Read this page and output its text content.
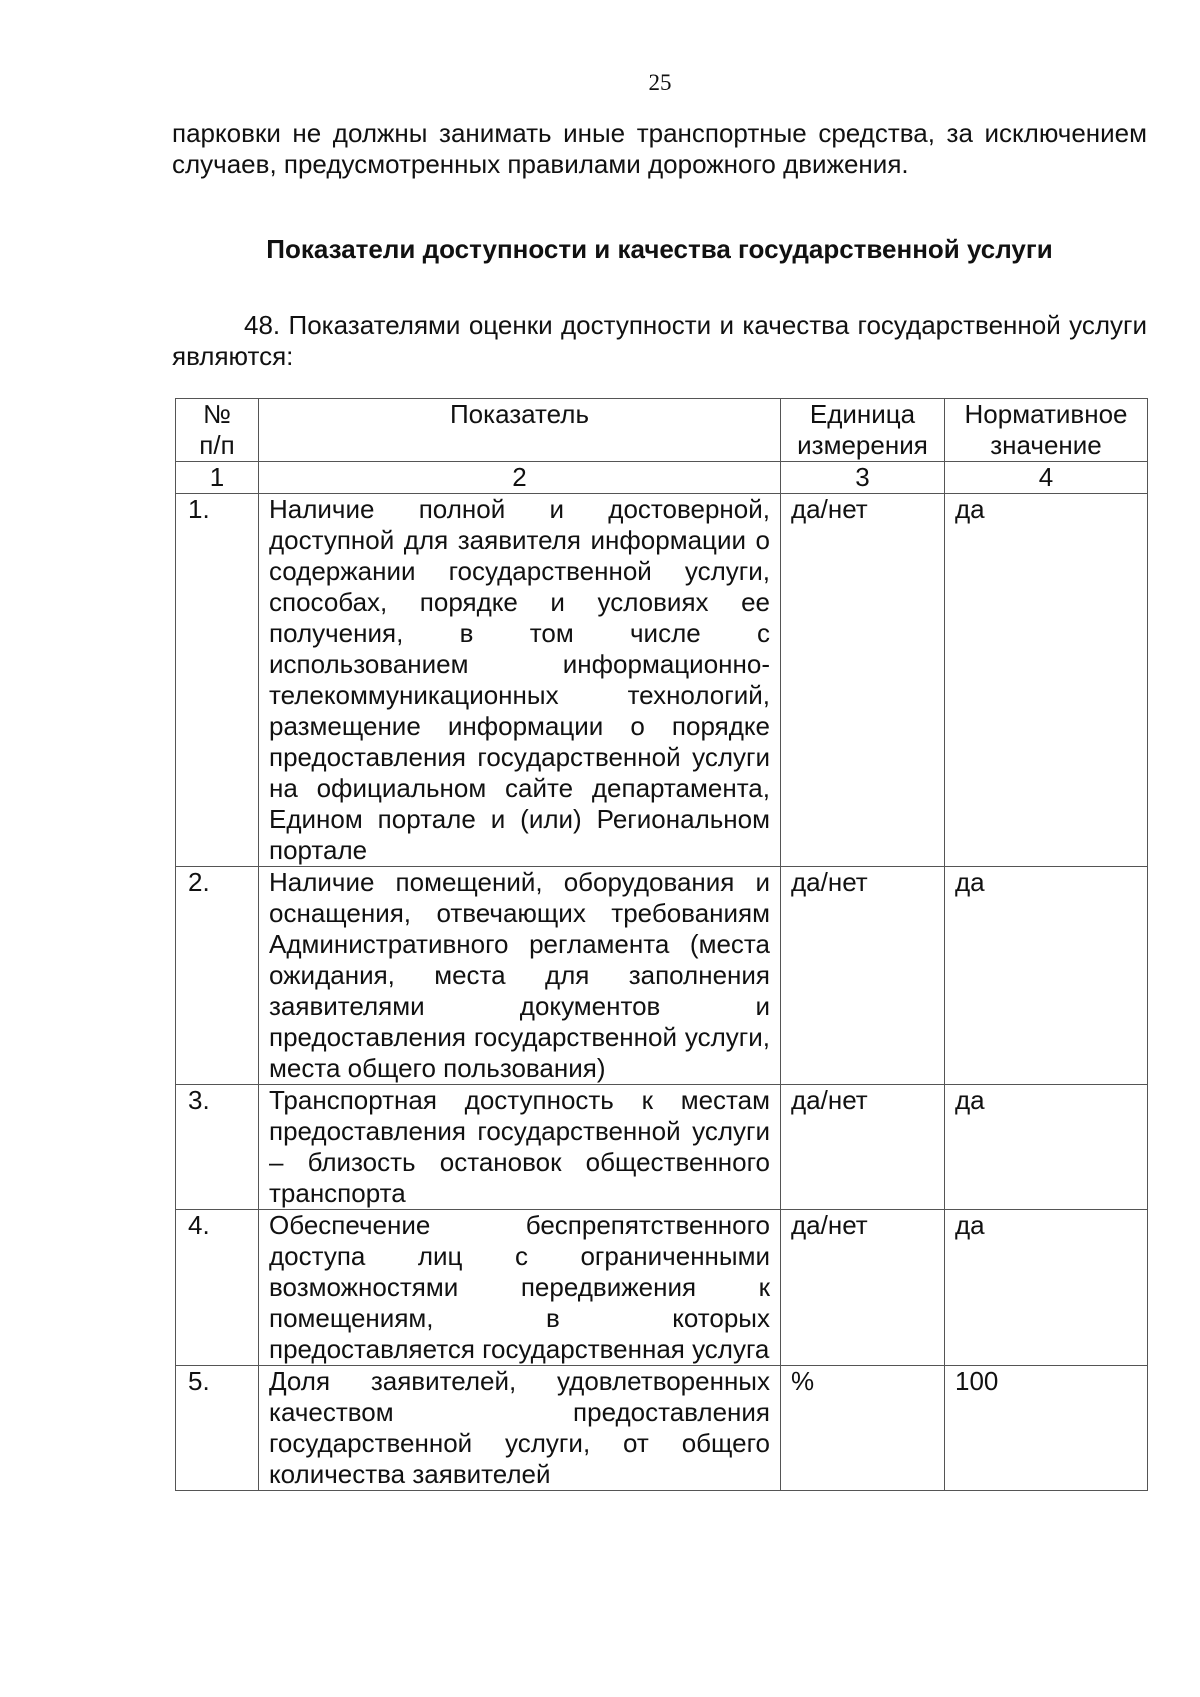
25

парковки не должны занимать иные транспортные средства, за исключением случаев, предусмотренных правилами дорожного движения.

Показатели доступности и качества государственной услуги

48. Показателями оценки доступности и качества государственной услуги являются:

№ п/п	Показатель	Единица измерения	Нормативное значение
1	2	3	4
1.	Наличие полной и достоверной, доступной для заявителя информации о содержании государственной услуги, способах, порядке и условиях ее получения, в том числе с использованием информационно-телекоммуникационных технологий, размещение информации о порядке предоставления государственной услуги на официальном сайте департамента, Едином портале и (или) Региональном портале	да/нет	да
2.	Наличие помещений, оборудования и оснащения, отвечающих требованиям Административного регламента (места ожидания, места для заполнения заявителями документов и предоставления государственной услуги, места общего пользования)	да/нет	да
3.	Транспортная доступность к местам предоставления государственной услуги – близость остановок общественного транспорта	да/нет	да
4.	Обеспечение беспрепятственного доступа лиц с ограниченными возможностями передвижения к помещениям, в которых предоставляется государственная услуга	да/нет	да
5.	Доля заявителей, удовлетворенных качеством предоставления государственной услуги, от общего количества заявителей	%	100
